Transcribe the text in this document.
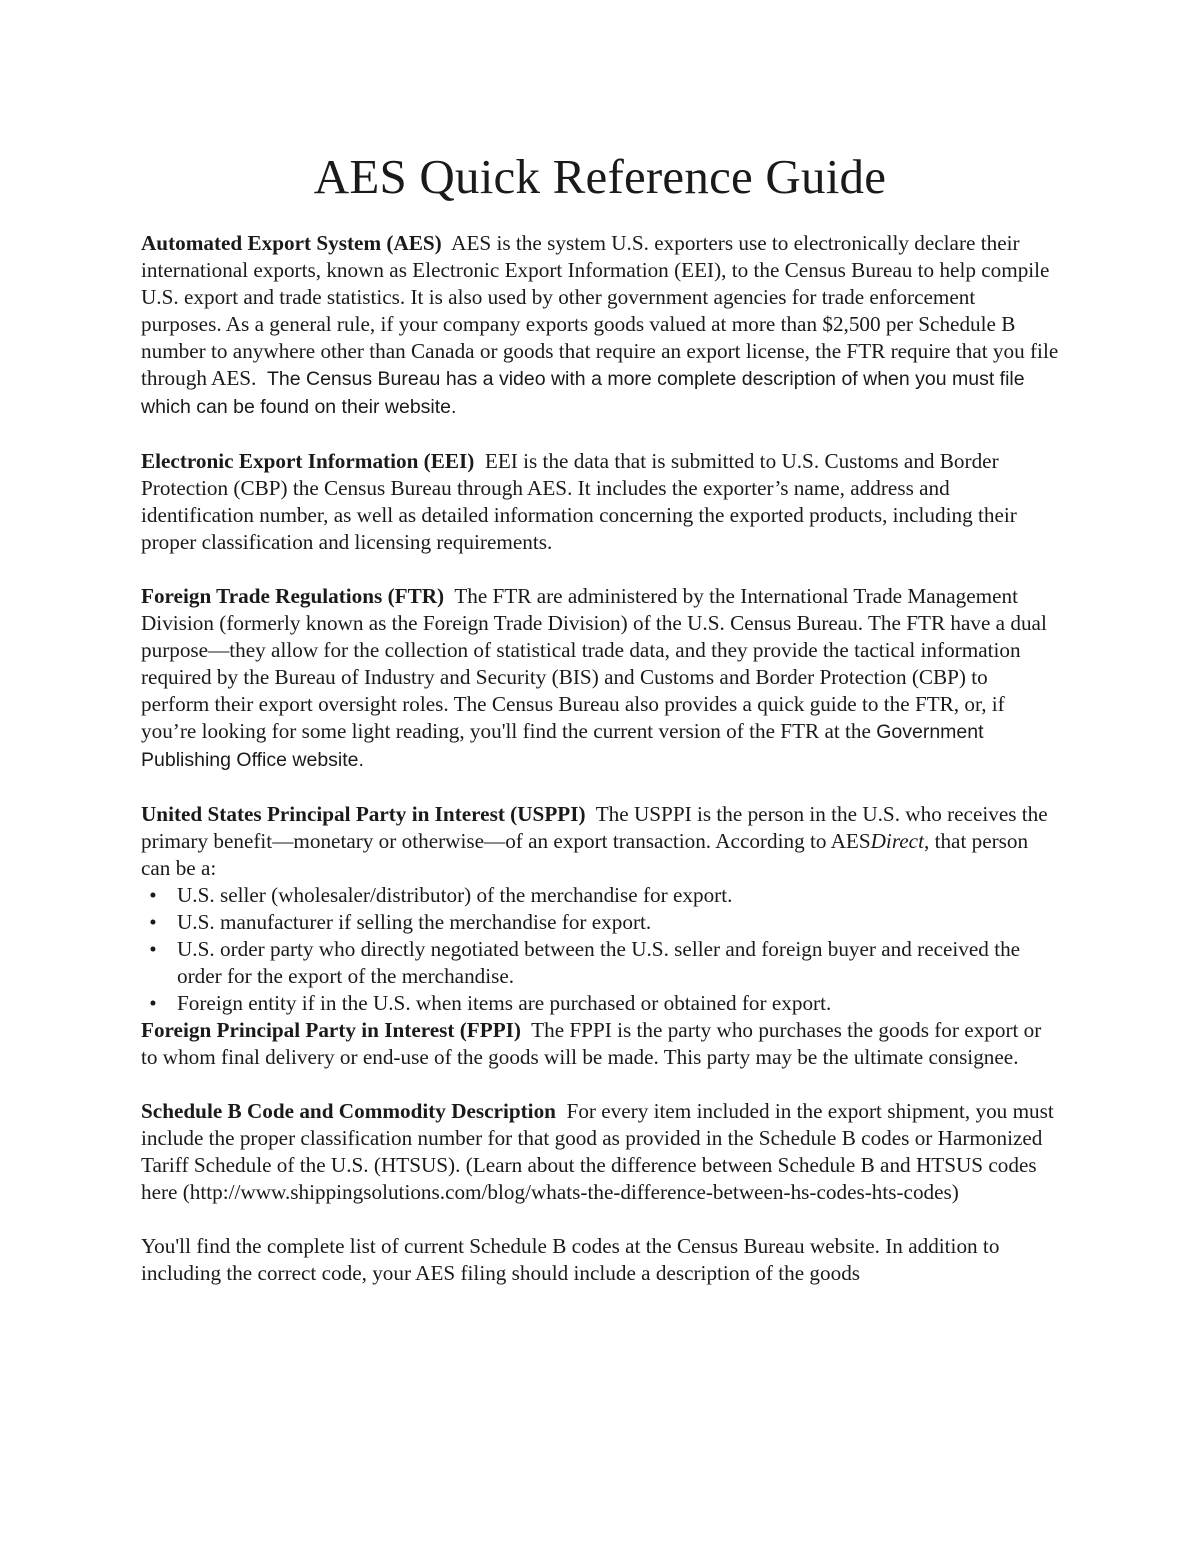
AES Quick Reference Guide

Automated Export System (AES) AES is the system U.S. exporters use to electronically declare their international exports, known as Electronic Export Information (EEI), to the Census Bureau to help compile U.S. export and trade statistics. It is also used by other government agencies for trade enforcement purposes. As a general rule, if your company exports goods valued at more than $2,500 per Schedule B number to anywhere other than Canada or goods that require an export license, the FTR require that you file through AES. The Census Bureau has a video with a more complete description of when you must file which can be found on their website.

Electronic Export Information (EEI) EEI is the data that is submitted to U.S. Customs and Border Protection (CBP) the Census Bureau through AES. It includes the exporter’s name, address and identification number, as well as detailed information concerning the exported products, including their proper classification and licensing requirements.

Foreign Trade Regulations (FTR) The FTR are administered by the International Trade Management Division (formerly known as the Foreign Trade Division) of the U.S. Census Bureau. The FTR have a dual purpose—they allow for the collection of statistical trade data, and they provide the tactical information required by the Bureau of Industry and Security (BIS) and Customs and Border Protection (CBP) to perform their export oversight roles. The Census Bureau also provides a quick guide to the FTR, or, if you’re looking for some light reading, you'll find the current version of the FTR at the Government Publishing Office website.

United States Principal Party in Interest (USPPI) The USPPI is the person in the U.S. who receives the primary benefit—monetary or otherwise—of an export transaction. According to AESDirect, that person can be a:

• U.S. seller (wholesaler/distributor) of the merchandise for export.
• U.S. manufacturer if selling the merchandise for export.
• U.S. order party who directly negotiated between the U.S. seller and foreign buyer and received the order for the export of the merchandise.
• Foreign entity if in the U.S. when items are purchased or obtained for export.

Foreign Principal Party in Interest (FPPI) The FPPI is the party who purchases the goods for export or to whom final delivery or end-use of the goods will be made. This party may be the ultimate consignee.

Schedule B Code and Commodity Description For every item included in the export shipment, you must include the proper classification number for that good as provided in the Schedule B codes or Harmonized Tariff Schedule of the U.S. (HTSUS). (Learn about the difference between Schedule B and HTSUS codes here (http://www.shippingsolutions.com/blog/whats-the-difference-between-hs-codes-hts-codes)

You'll find the complete list of current Schedule B codes at the Census Bureau website. In addition to including the correct code, your AES filing should include a description of the goods
